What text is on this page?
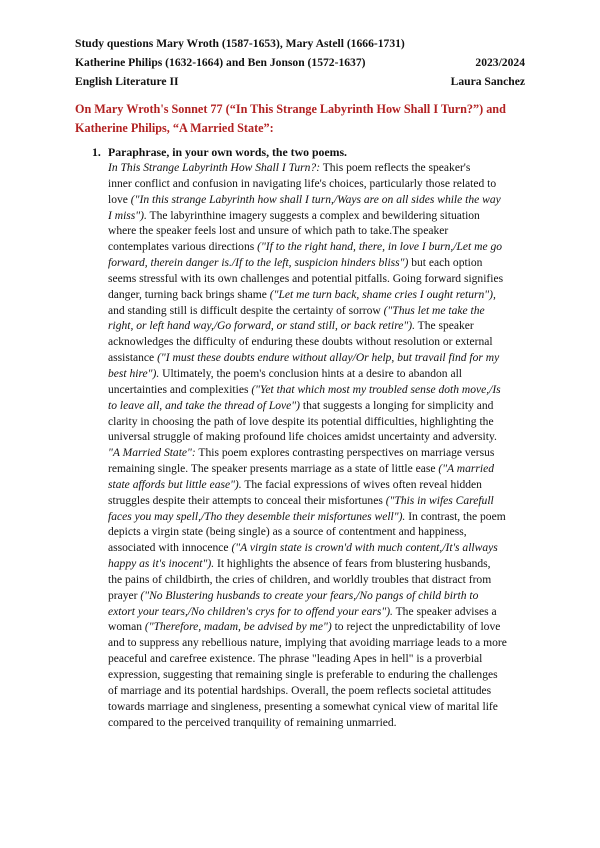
Study questions Mary Wroth (1587-1653), Mary Astell (1666-1731)
Katherine Philips (1632-1664) and Ben Jonson (1572-1637)	2023/2024
English Literature II	Laura Sanchez
On Mary Wroth's Sonnet 77 (“In This Strange Labyrinth How Shall I Turn?”) and
Katherine Philips, “A Married State”:
1. Paraphrase, in your own words, the two poems.
In This Strange Labyrinth How Shall I Turn?: This poem reflects the speaker's
inner conflict and confusion in navigating life's choices, particularly those related to
love ("In this strange Labyrinth how shall I turn,/Ways are on all sides while the way
I miss"). The labyrinthine imagery suggests a complex and bewildering situation
where the speaker feels lost and unsure of which path to take.The speaker
contemplates various directions ("If to the right hand, there, in love I burn,/Let me go
forward, therein danger is./If to the left, suspicion hinders bliss") but each option
seems stressful with its own challenges and potential pitfalls. Going forward signifies
danger, turning back brings shame ("Let me turn back, shame cries I ought return"),
and standing still is difficult despite the certainty of sorrow ("Thus let me take the
right, or left hand way,/Go forward, or stand still, or back retire"). The speaker
acknowledges the difficulty of enduring these doubts without resolution or external
assistance ("I must these doubts endure without allay/Or help, but travail find for my
best hire"). Ultimately, the poem's conclusion hints at a desire to abandon all
uncertainties and complexities ("Yet that which most my troubled sense doth move,/Is
to leave all, and take the thread of Love") that suggests a longing for simplicity and
clarity in choosing the path of love despite its potential difficulties, highlighting the
universal struggle of making profound life choices amidst uncertainty and adversity.
"A Married State": This poem explores contrasting perspectives on marriage versus
remaining single. The speaker presents marriage as a state of little ease ("A married
state affords but little ease"). The facial expressions of wives often reveal hidden
struggles despite their attempts to conceal their misfortunes ("This in wifes Carefull
faces you may spell,/Tho they desemble their misfortunes well"). In contrast, the poem
depicts a virgin state (being single) as a source of contentment and happiness,
associated with innocence ("A virgin state is crown'd with much content,/It's allways
happy as it's inocent"). It highlights the absence of fears from blustering husbands,
the pains of childbirth, the cries of children, and worldly troubles that distract from
prayer ("No Blustering husbands to create your fears,/No pangs of child birth to
extort your tears,/No children's crys for to offend your ears"). The speaker advises a
woman ("Therefore, madam, be advised by me") to reject the unpredictability of love
and to suppress any rebellious nature, implying that avoiding marriage leads to a more
peaceful and carefree existence. The phrase "leading Apes in hell" is a proverbial
expression, suggesting that remaining single is preferable to enduring the challenges
of marriage and its potential hardships. Overall, the poem reflects societal attitudes
towards marriage and singleness, presenting a somewhat cynical view of marital life
compared to the perceived tranquility of remaining unmarried.
